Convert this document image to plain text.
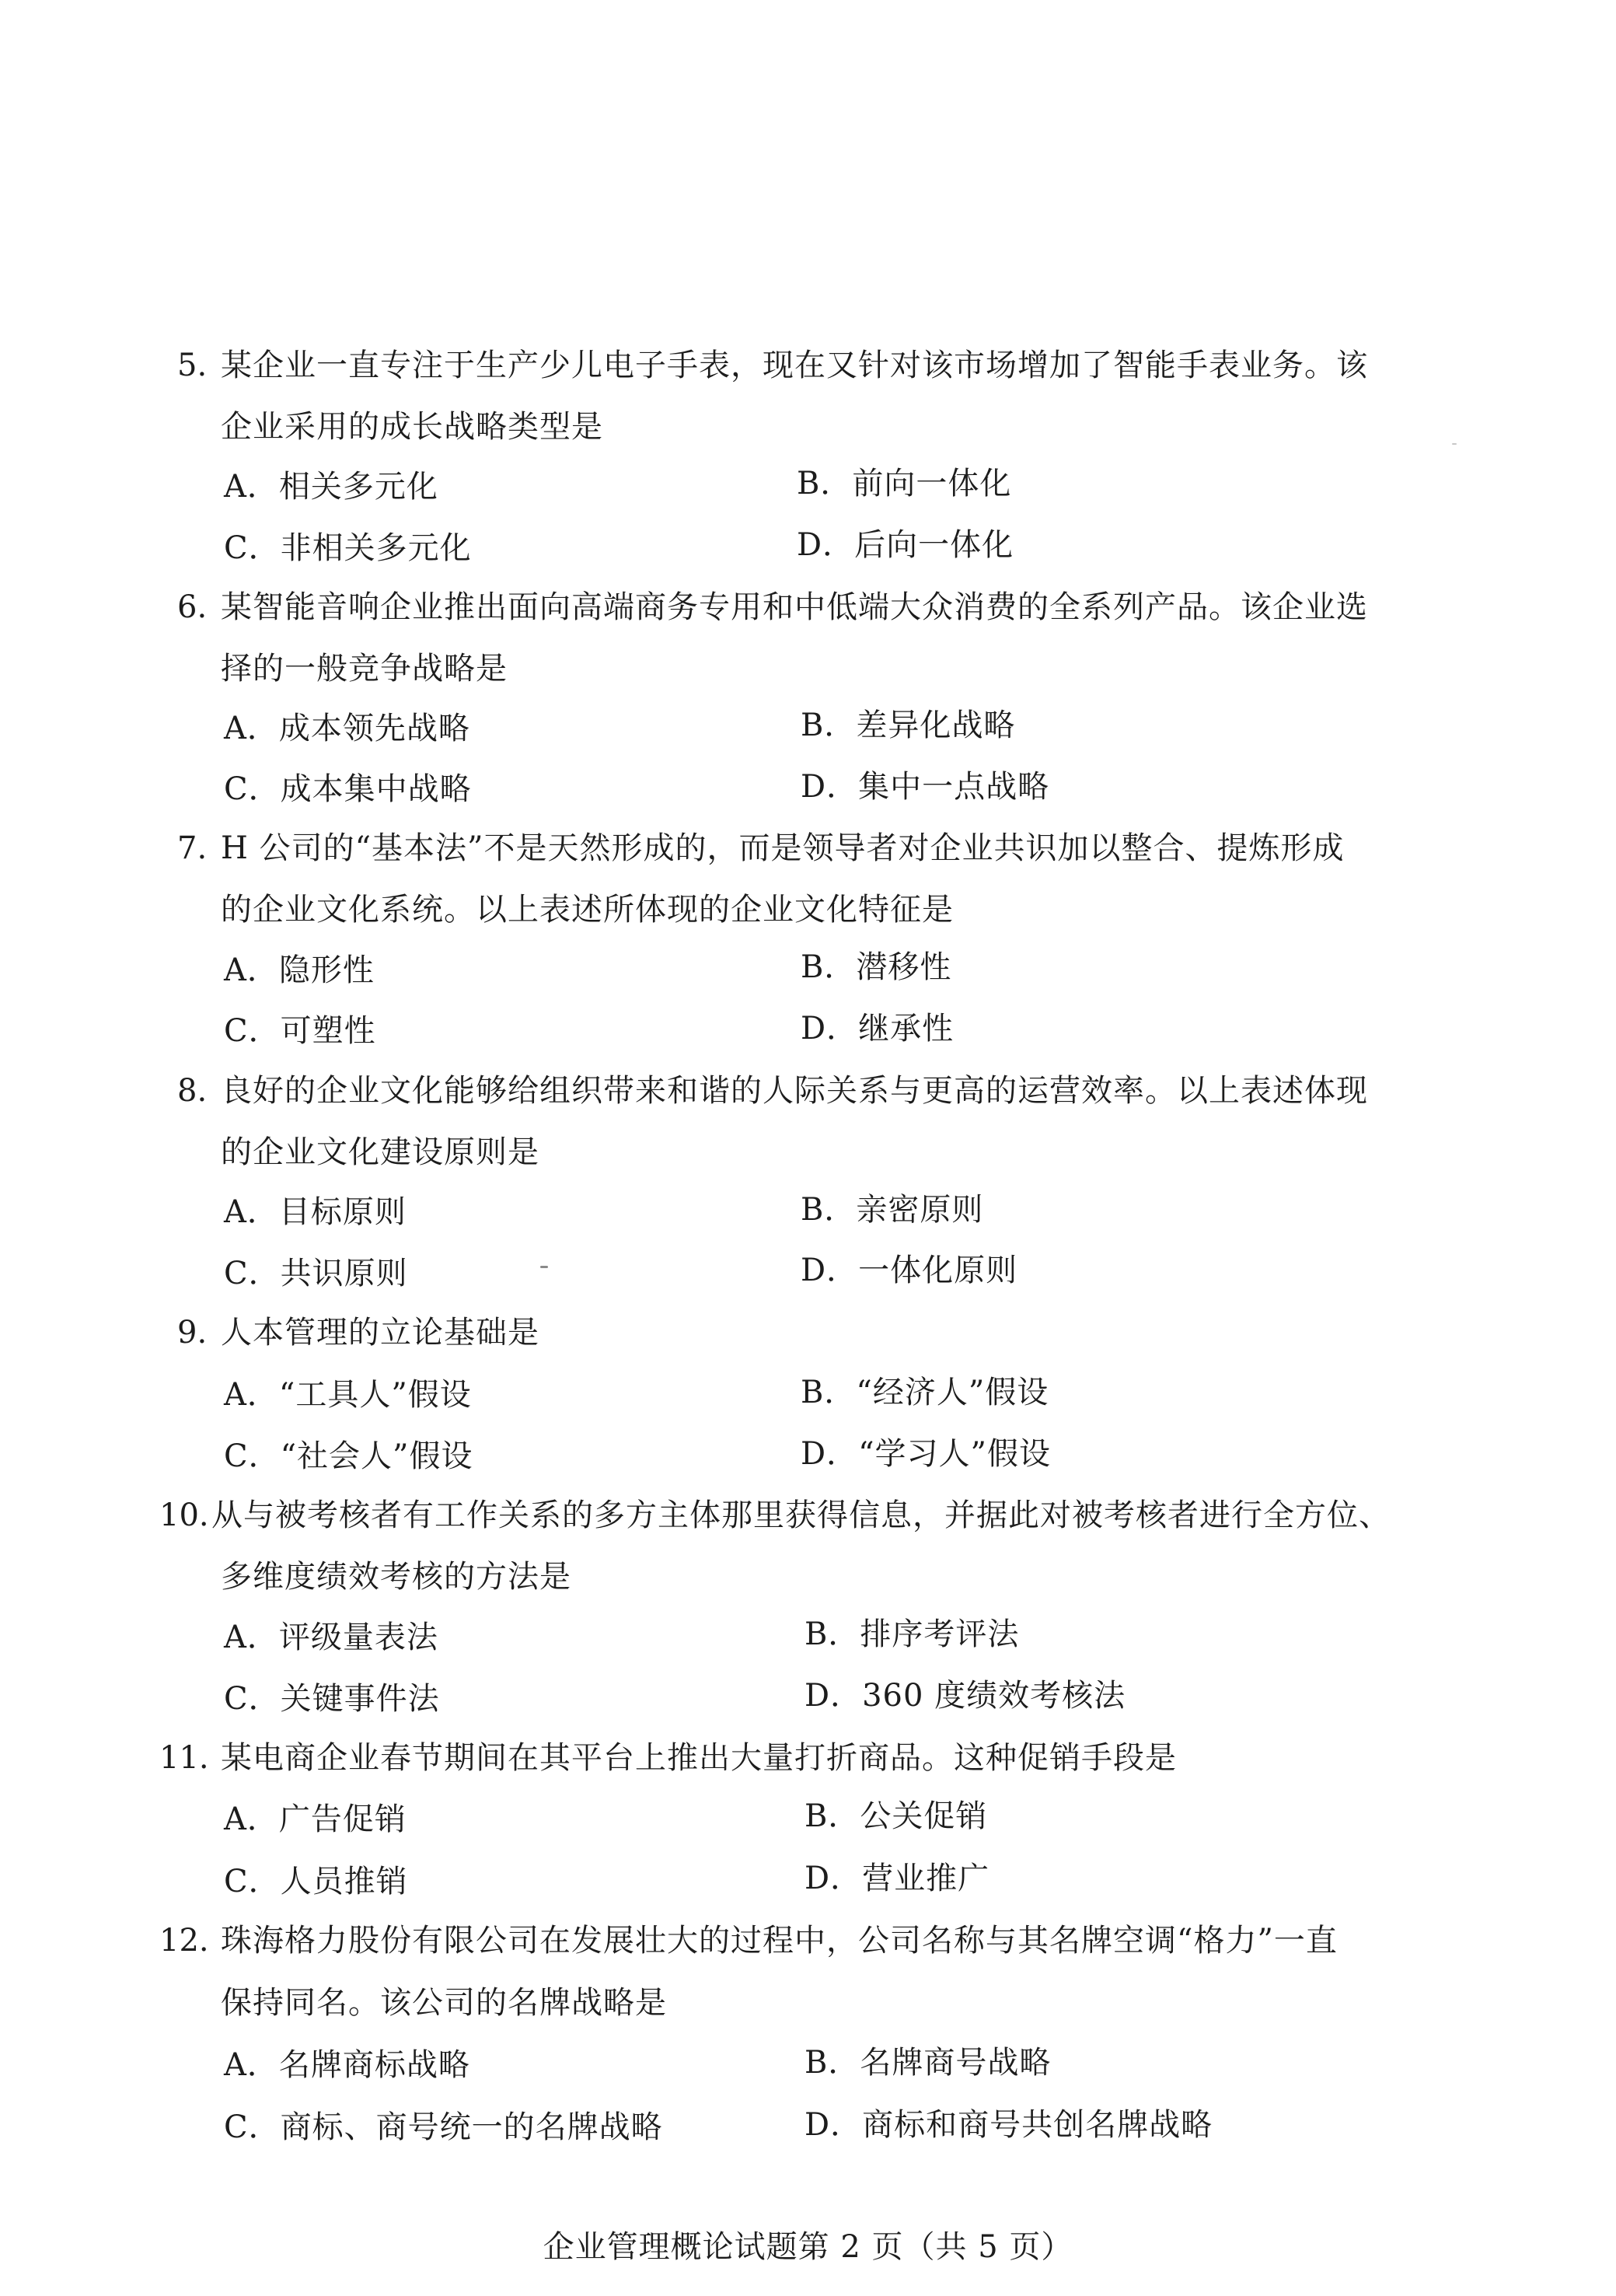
5. 某企业一直专注于生产少儿电子手表，现在又针对该市场增加了智能手表业务。该
企业采用的成长战略类型是
A．相关多元化	B．前向一体化
C．非相关多元化	D．后向一体化
6. 某智能音响企业推出面向高端商务专用和中低端大众消费的全系列产品。该企业选
择的一般竞争战略是
A．成本领先战略	B．差异化战略
C．成本集中战略	D．集中一点战略
7. H 公司的“基本法”不是天然形成的，而是领导者对企业共识加以整合、提炼形成
的企业文化系统。以上表述所体现的企业文化特征是
A．隐形性	B．潜移性
C．可塑性	D．继承性
8. 良好的企业文化能够给组织带来和谐的人际关系与更高的运营效率。以上表述体现
的企业文化建设原则是
A．目标原则	B．亲密原则
C．共识原则	D．一体化原则
9. 人本管理的立论基础是
A．“工具人”假设	B．“经济人”假设
C．“社会人”假设	D．“学习人”假设
10. 从与被考核者有工作关系的多方主体那里获得信息，并据此对被考核者进行全方位、
多维度绩效考核的方法是
A．评级量表法	B．排序考评法
C．关键事件法	D．360 度绩效考核法
11. 某电商企业春节期间在其平台上推出大量打折商品。这种促销手段是
A．广告促销	B．公关促销
C．人员推销	D．营业推广
12. 珠海格力股份有限公司在发展壮大的过程中，公司名称与其名牌空调“格力”一直
保持同名。该公司的名牌战略是
A．名牌商标战略	B．名牌商号战略
C．商标、商号统一的名牌战略	D．商标和商号共创名牌战略
企业管理概论试题第 2 页（共 5 页）
